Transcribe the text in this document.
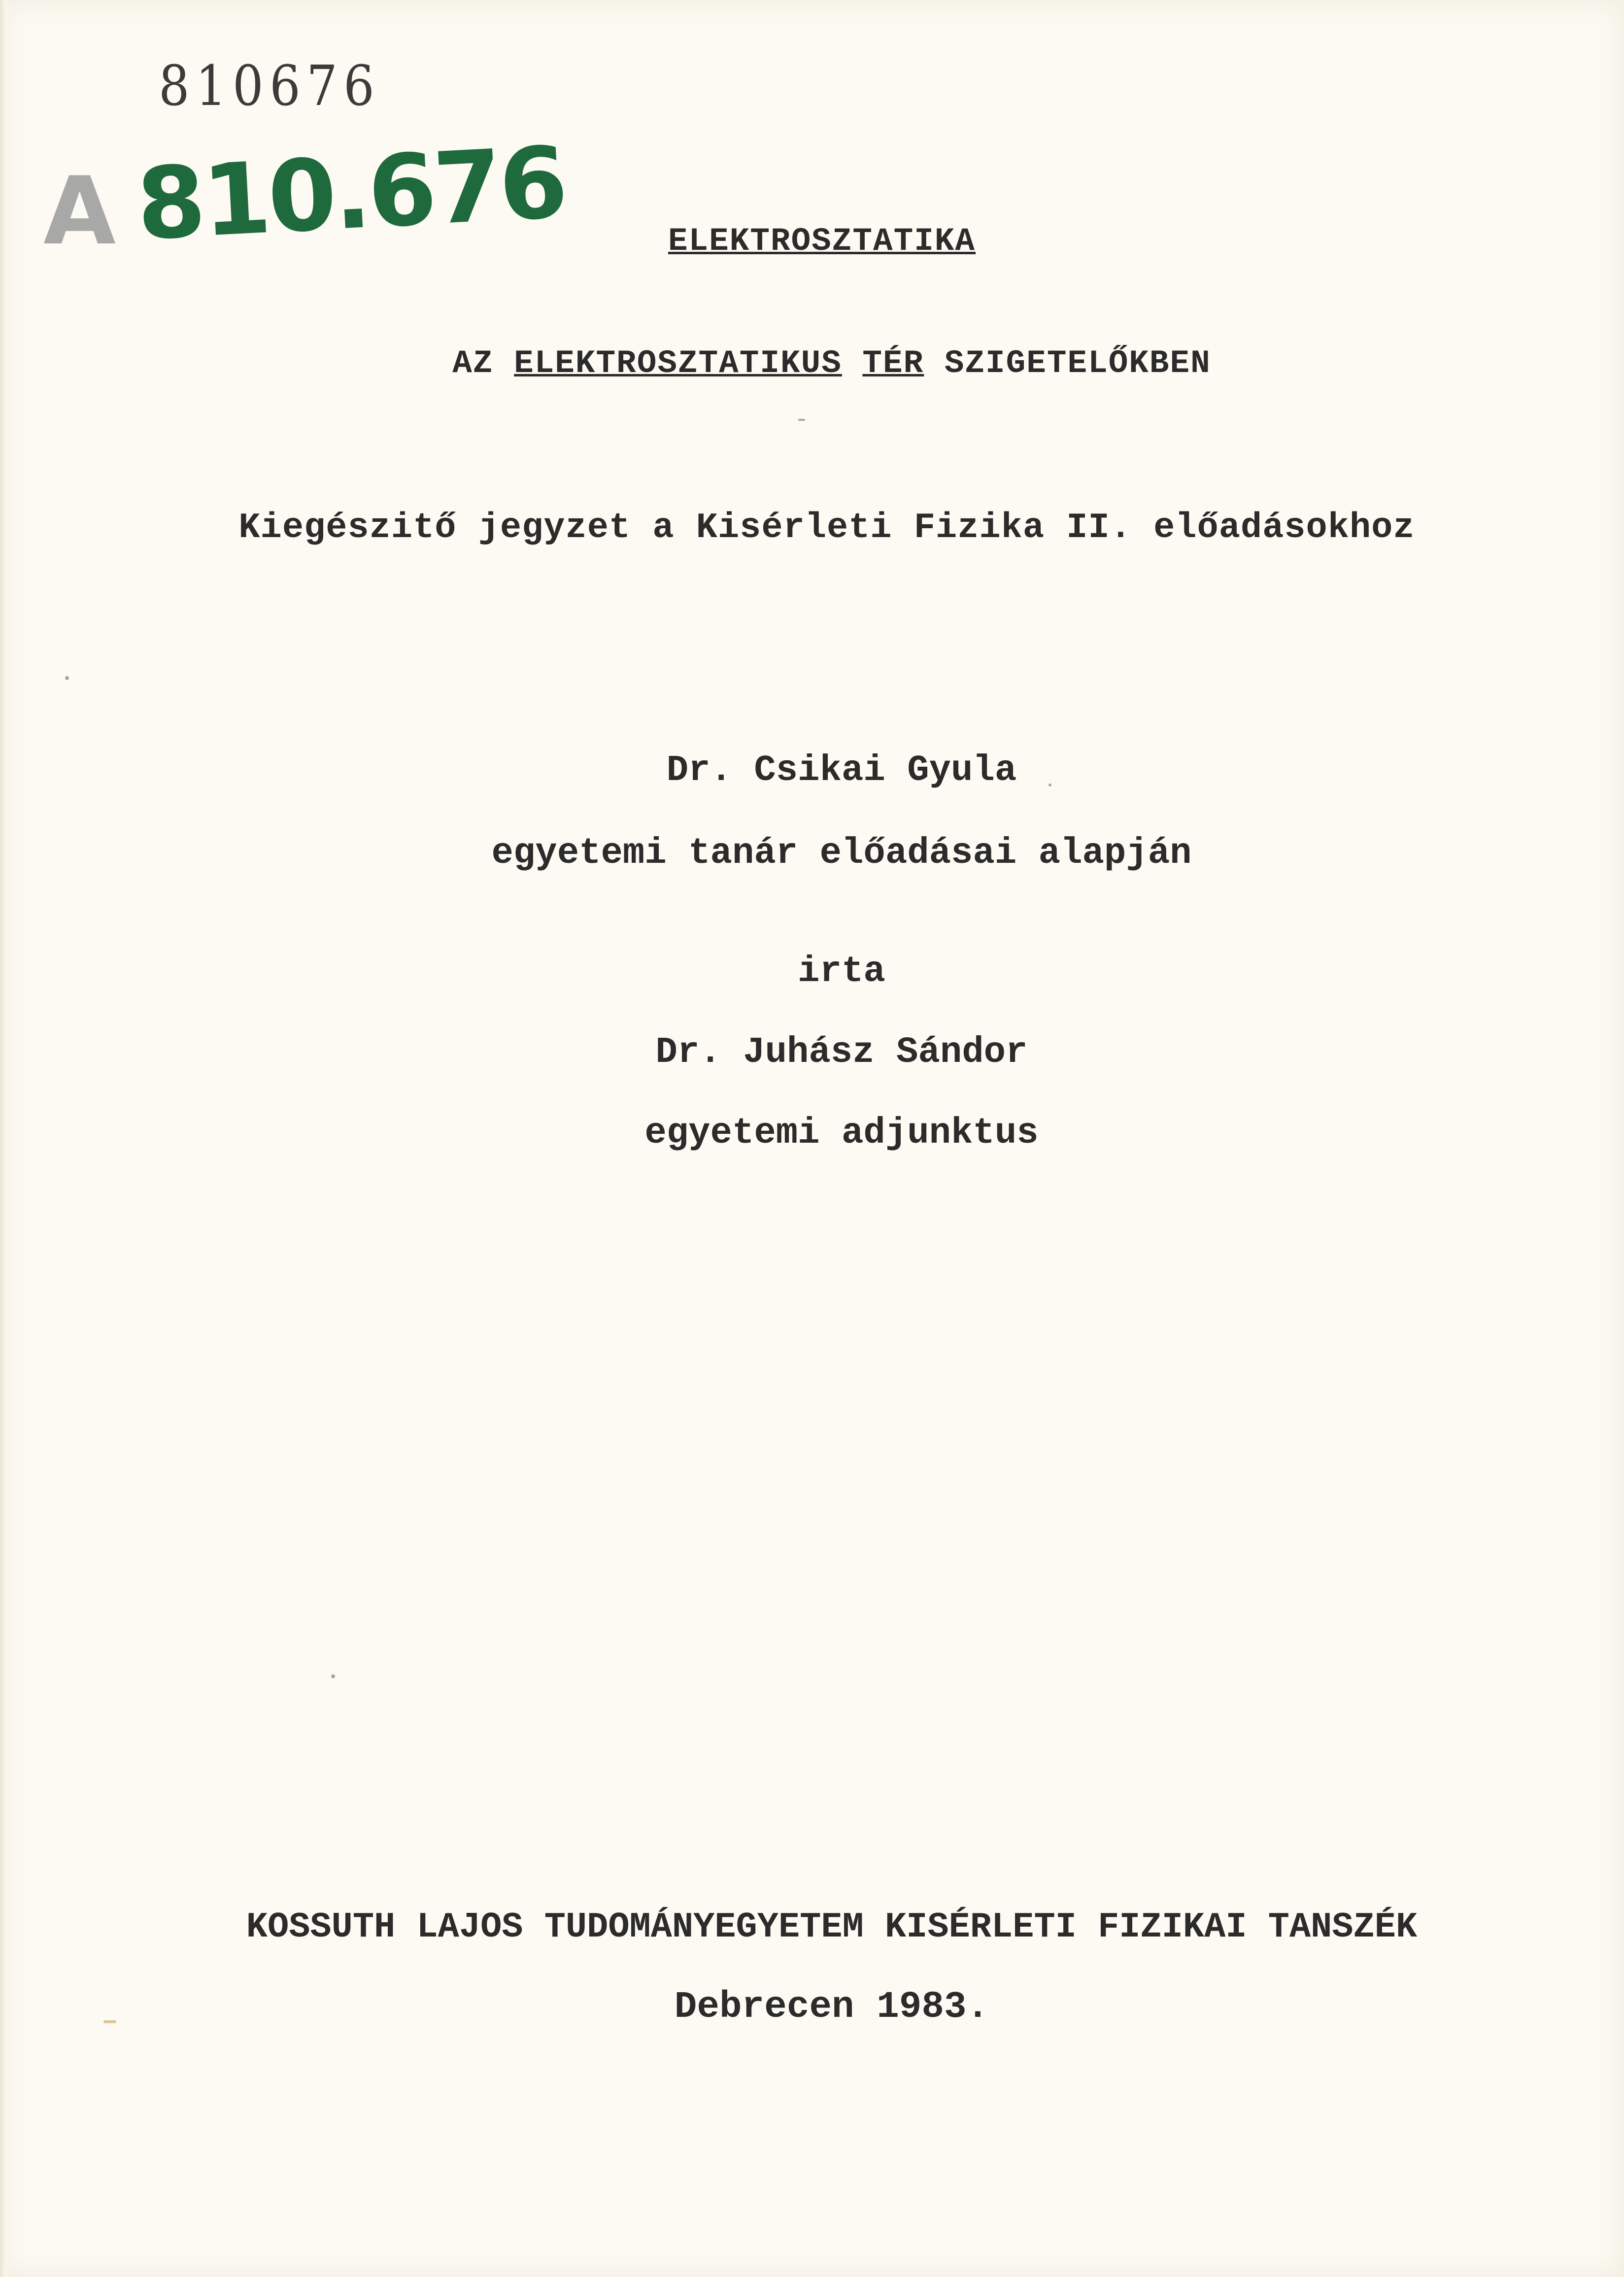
810676
A 810.676	ELEKTROSZTATIKA
AZ ELEKTROSZTATIKUS TÉR SZIGETELŐKBEN
Kiegészitő jegyzet a Kisérleti Fizika II. előadásokhoz
Dr. Csikai Gyula
egyetemi tanár előadásai alapján
irta
Dr. Juhász Sándor
egyetemi adjunktus
KOSSUTH LAJOS TUDOMÁNYEGYETEM KISÉRLETI FIZIKAI TANSZÉK
Debrecen 1983.
